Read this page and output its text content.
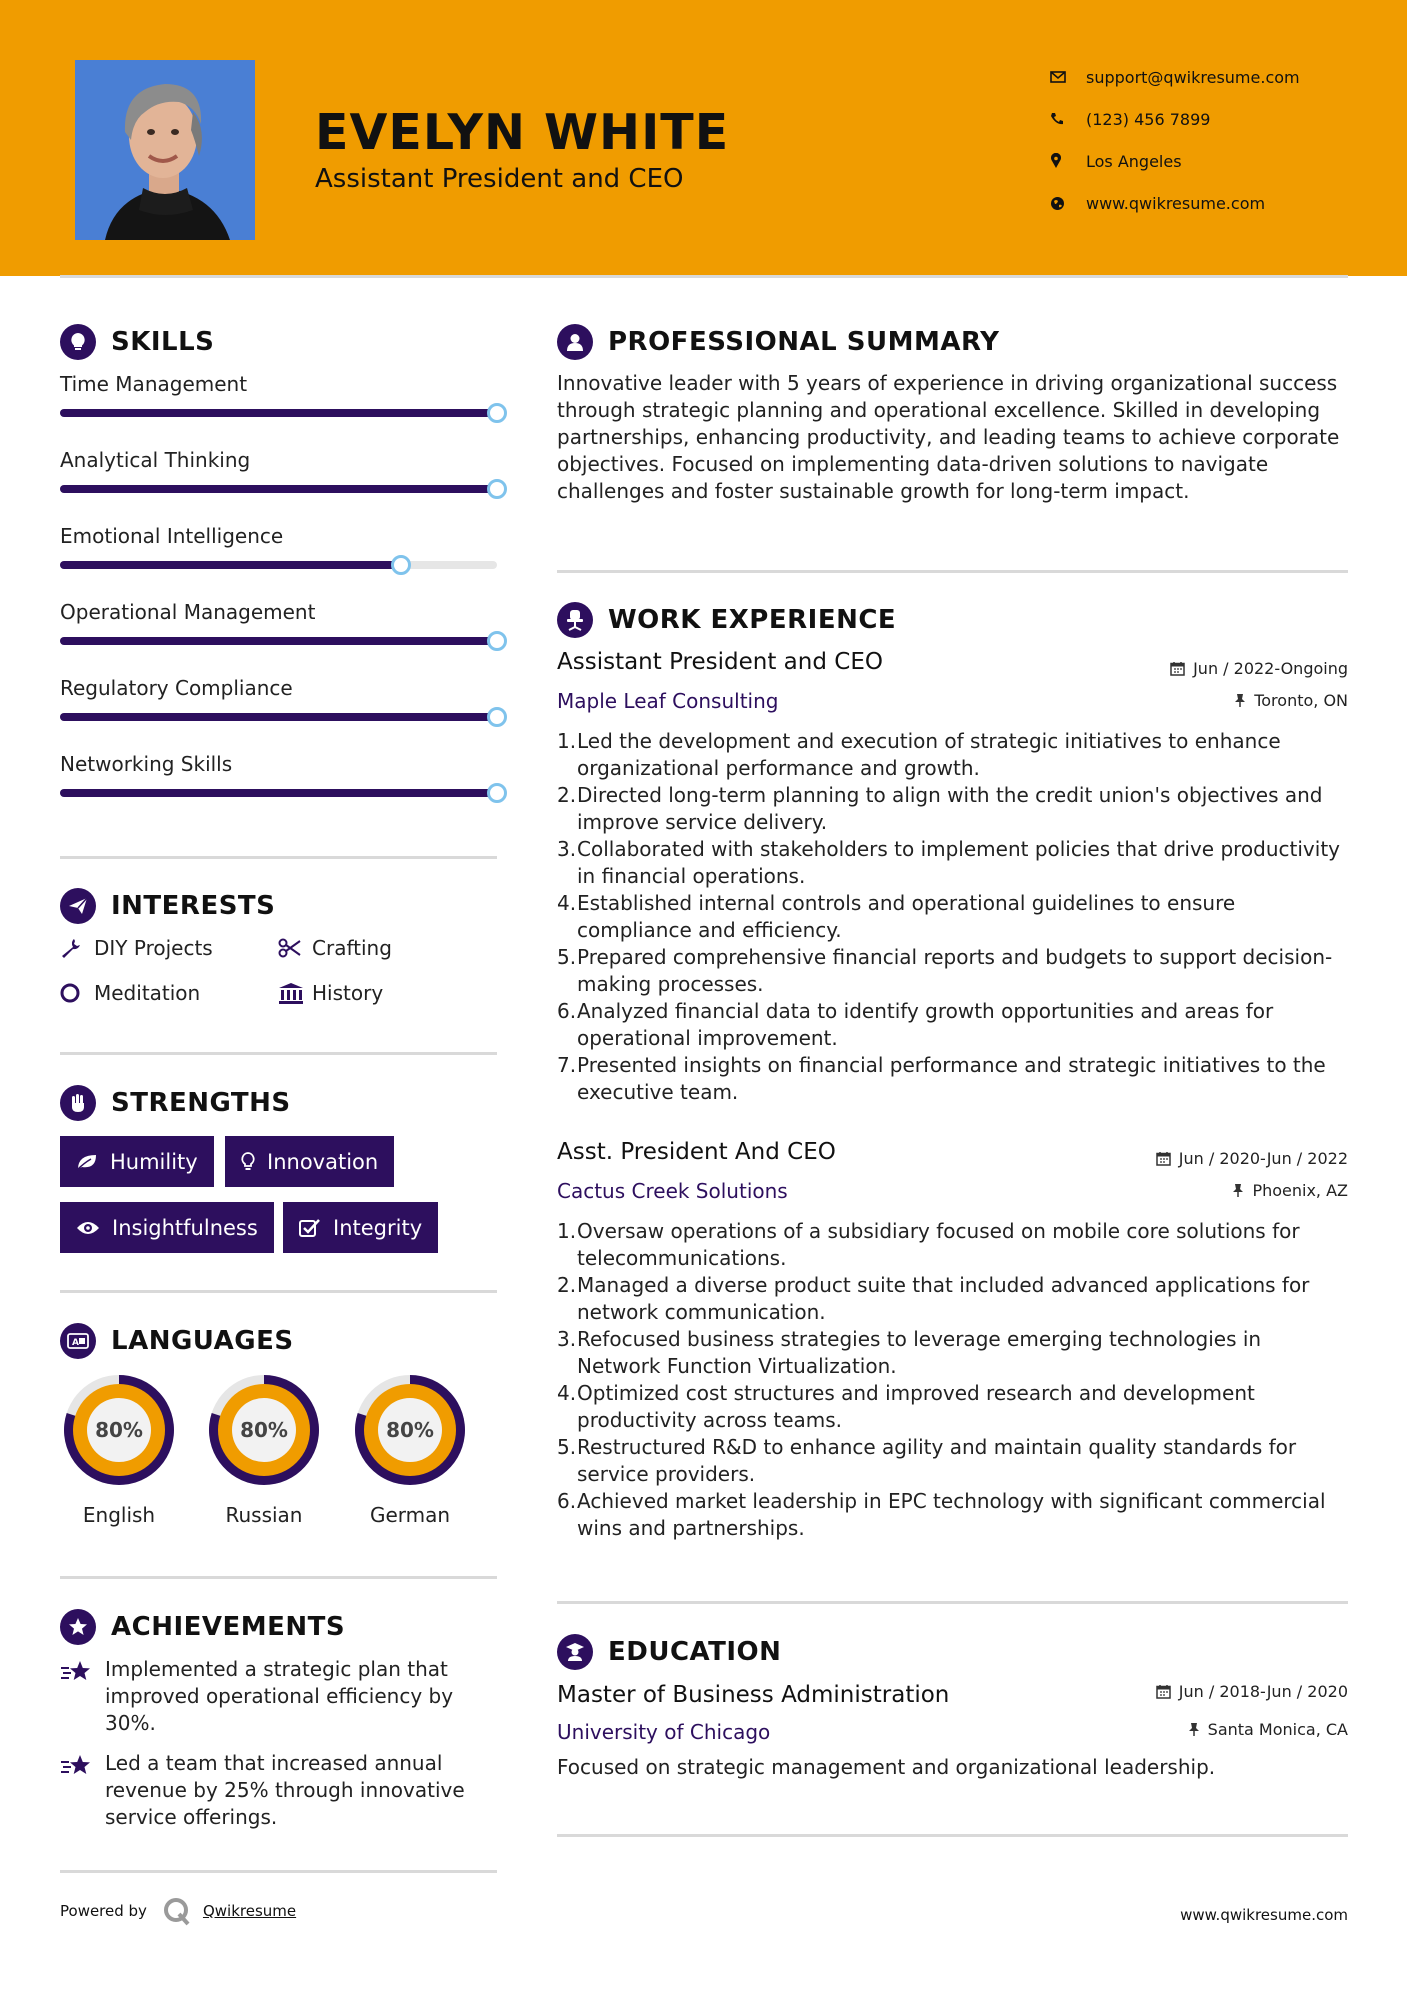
EVELYN WHITE
Assistant President and CEO
support@qwikresume.com
(123) 456 7899
Los Angeles
www.qwikresume.com
SKILLS
Time Management
Analytical Thinking
Emotional Intelligence
Operational Management
Regulatory Compliance
Networking Skills
INTERESTS
DIY Projects	Crafting
Meditation	History
STRENGTHS
Humility	Innovation
Insightfulness	Integrity
A LANGUAGES
80%
English
80%
Russian
80%
German
ACHIEVEMENTS
Implemented a strategic plan that improved operational efficiency by 30%.
Led a team that increased annual revenue by 25% through innovative service offerings.
PROFESSIONAL SUMMARY
Innovative leader with 5 years of experience in driving organizational success through strategic planning and operational excellence. Skilled in developing partnerships, enhancing productivity, and leading teams to achieve corporate objectives. Focused on implementing data-driven solutions to navigate challenges and foster sustainable growth for long-term impact.
WORK EXPERIENCE
Assistant President and CEO	Jun / 2022-Ongoing
Maple Leaf Consulting	Toronto, ON
1. Led the development and execution of strategic initiatives to enhance organizational performance and growth.
2. Directed long-term planning to align with the credit union's objectives and improve service delivery.
3. Collaborated with stakeholders to implement policies that drive productivity in financial operations.
4. Established internal controls and operational guidelines to ensure compliance and efficiency.
5. Prepared comprehensive financial reports and budgets to support decision-making processes.
6. Analyzed financial data to identify growth opportunities and areas for operational improvement.
7. Presented insights on financial performance and strategic initiatives to the executive team.
Asst. President And CEO	Jun / 2020-Jun / 2022
Cactus Creek Solutions	Phoenix, AZ
1. Oversaw operations of a subsidiary focused on mobile core solutions for telecommunications.
2. Managed a diverse product suite that included advanced applications for network communication.
3. Refocused business strategies to leverage emerging technologies in Network Function Virtualization.
4. Optimized cost structures and improved research and development productivity across teams.
5. Restructured R&D to enhance agility and maintain quality standards for service providers.
6. Achieved market leadership in EPC technology with significant commercial wins and partnerships.
EDUCATION
Master of Business Administration	Jun / 2018-Jun / 2020
University of Chicago	Santa Monica, CA
Focused on strategic management and organizational leadership.
Powered by	Qwikresume	www.qwikresume.com
